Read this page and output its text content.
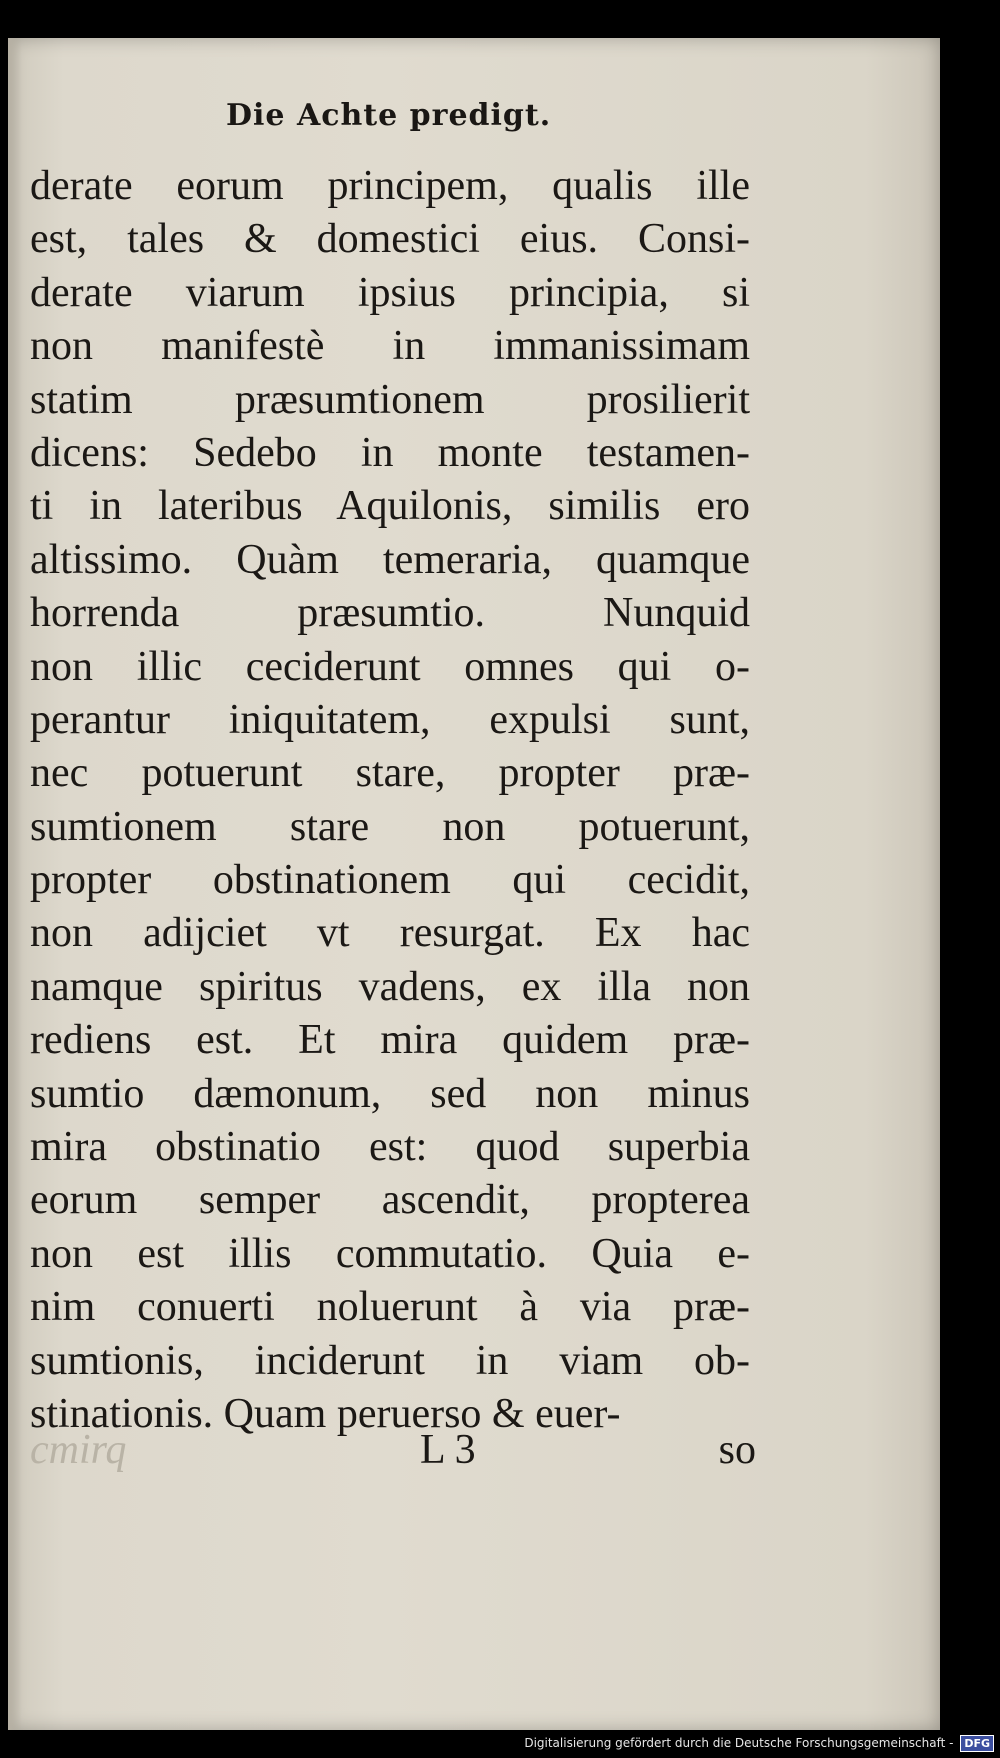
Die Achte predigt.
derate eorum principem, qualis ille
est, tales & domestici eius. Consi-
derate viarum ipsius principia, si
non manifestè in immanissimam
statim præsumtionem prosilierit
dicens: Sedebo in monte testamen-
ti in lateribus Aquilonis, similis ero
altissimo. Quàm temeraria, quamque
horrenda præsumtio. Nunquid
non illic ceciderunt omnes qui o-
perantur iniquitatem, expulsi sunt,
nec potuerunt stare, propter præ-
sumtionem stare non potuerunt,
propter obstinationem qui cecidit,
non adijciet vt resurgat. Ex hac
namque spiritus vadens, ex illa non
rediens est. Et mira quidem præ-
sumtio dæmonum, sed non minus
mira obstinatio est: quod superbia
eorum semper ascendit, propterea
non est illis commutatio. Quia e-
nim conuerti noluerunt à via præ-
sumtionis, inciderunt in viam ob-
stinationis. Quam peruerso & euer-
cmirq	L 3	so
Digitalisierung gefördert durch die Deutsche Forschungsgemeinschaft - DFG
